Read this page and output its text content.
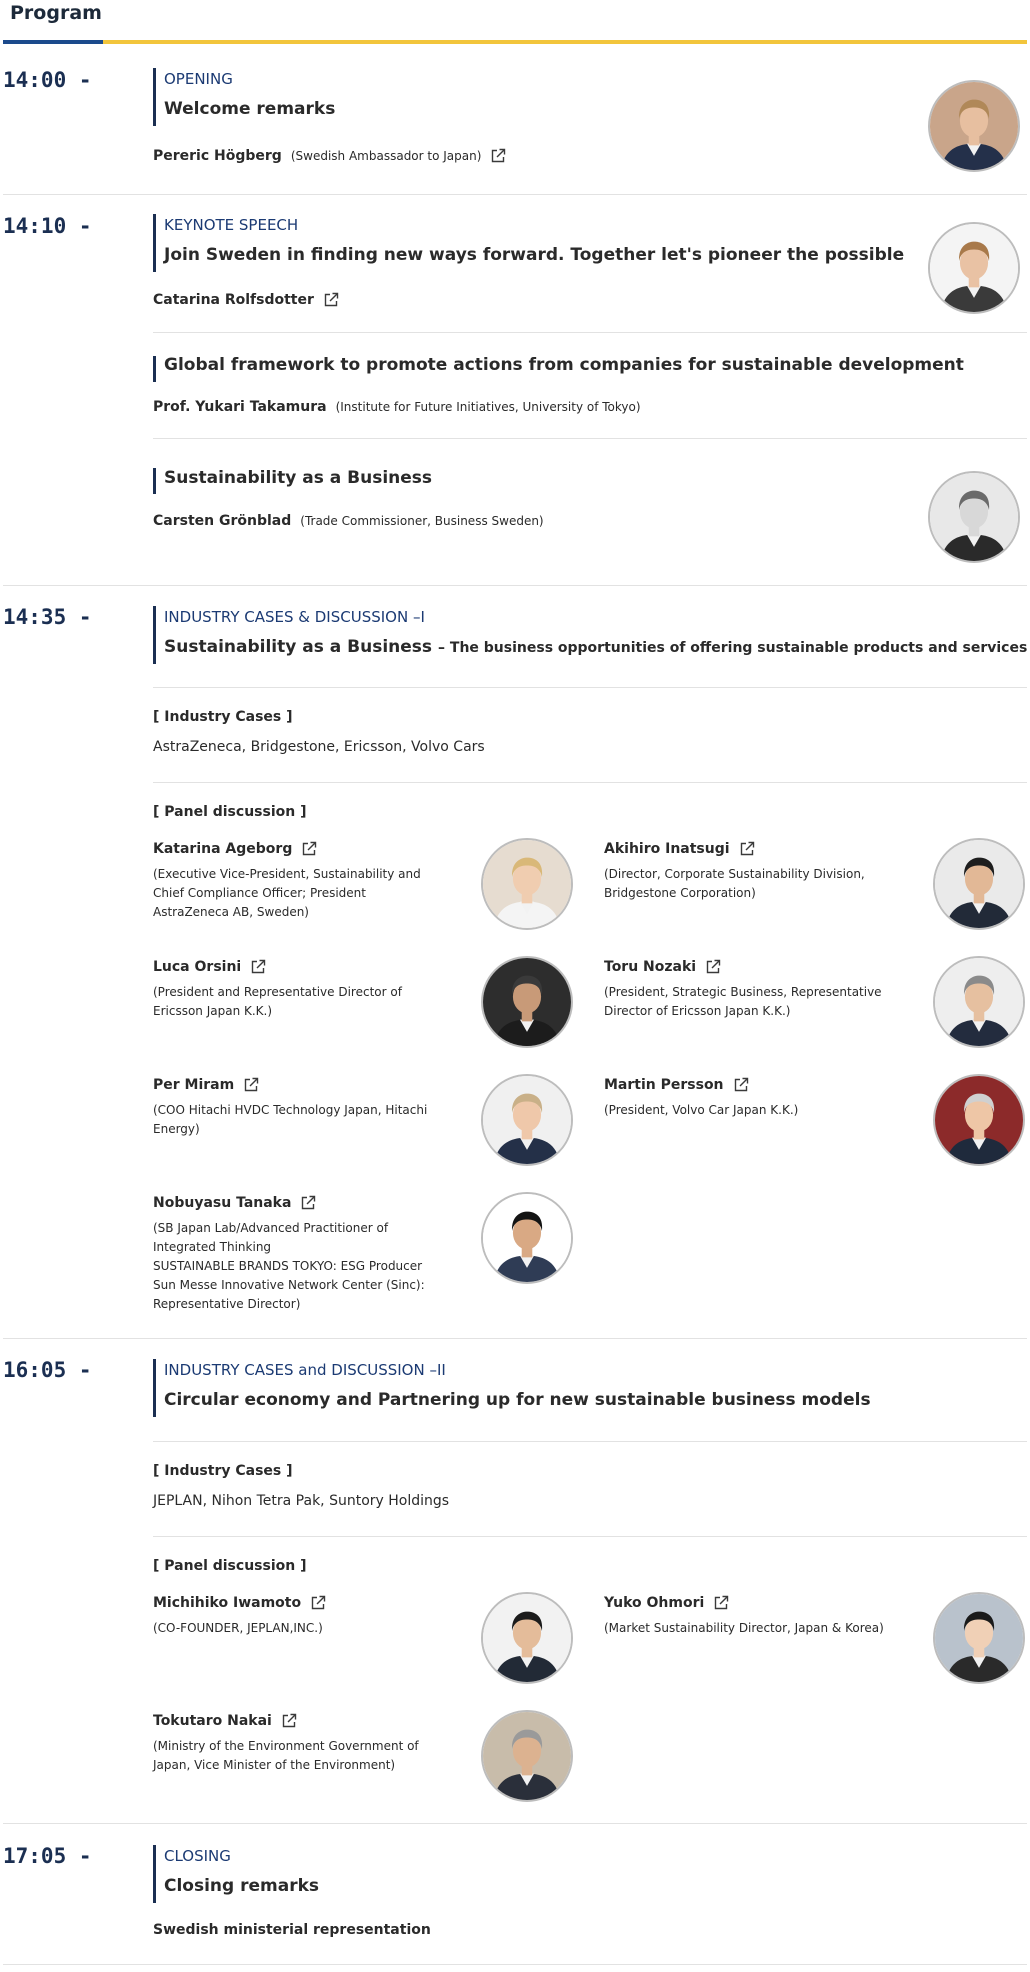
Program
14:00 -	OPENING
Welcome remarks
Pereric Högberg (Swedish Ambassador to Japan)
14:10 -	KEYNOTE SPEECH
Join Sweden in finding new ways forward. Together let's pioneer the possible
Catarina Rolfsdotter
Global framework to promote actions from companies for sustainable development
Prof. Yukari Takamura (Institute for Future Initiatives, University of Tokyo)
Sustainability as a Business
Carsten Grönblad (Trade Commissioner, Business Sweden)
14:35 -	INDUSTRY CASES & DISCUSSION –I
Sustainability as a Business – The business opportunities of offering sustainable products and services
[ Industry Cases ]
AstraZeneca, Bridgestone, Ericsson, Volvo Cars
[ Panel discussion ]
Katarina Ageborg
(Executive Vice-President, Sustainability and
Chief Compliance Officer; President
AstraZeneca AB, Sweden)
Akihiro Inatsugi
(Director, Corporate Sustainability Division,
Bridgestone Corporation)
Luca Orsini
(President and Representative Director of
Ericsson Japan K.K.)
Toru Nozaki
(President, Strategic Business, Representative
Director of Ericsson Japan K.K.)
Per Miram
(COO Hitachi HVDC Technology Japan, Hitachi
Energy)
Martin Persson
(President, Volvo Car Japan K.K.)
Nobuyasu Tanaka
(SB Japan Lab/Advanced Practitioner of
Integrated Thinking
SUSTAINABLE BRANDS TOKYO: ESG Producer
Sun Messe Innovative Network Center (Sinc):
Representative Director)
16:05 -	INDUSTRY CASES and DISCUSSION –II
Circular economy and Partnering up for new sustainable business models
[ Industry Cases ]
JEPLAN, Nihon Tetra Pak, Suntory Holdings
[ Panel discussion ]
Michihiko Iwamoto
(CO-FOUNDER, JEPLAN,INC.)
Yuko Ohmori
(Market Sustainability Director, Japan & Korea)
Tokutaro Nakai
(Ministry of the Environment Government of
Japan, Vice Minister of the Environment)
17:05 -	CLOSING
Closing remarks
Swedish ministerial representation
